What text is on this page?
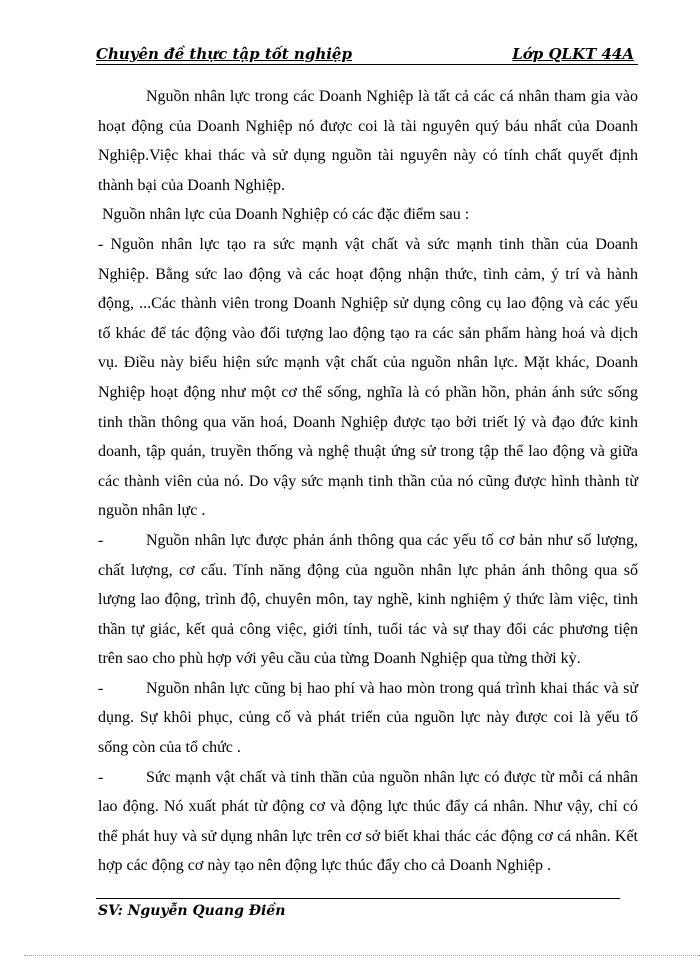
Chuyên đề thực tập tốt nghiệp	Lớp QLKT 44A

Nguồn nhân lực trong các Doanh Nghiệp là tất cả các cá nhân tham gia vào hoạt động của Doanh Nghiệp nó được coi là tài nguyên quý báu nhất của Doanh Nghiệp.Việc khai thác và sử dụng nguồn tài nguyên này có tính chất quyết định thành bại của Doanh Nghiệp.

Nguồn nhân lực của Doanh Nghiệp có các đặc điểm sau :

- Nguồn nhân lực tạo ra sức mạnh vật chất và sức mạnh tinh thần của Doanh Nghiệp. Bằng sức lao động và các hoạt động nhận thức, tình cảm, ý trí và hành động, ...Các thành viên trong Doanh Nghiệp sử dụng công cụ lao động và các yếu tố khác để tác động vào đối tượng lao động tạo ra các sản phẩm hàng hoá và dịch vụ. Điều này biểu hiện sức mạnh vật chất của nguồn nhân lực. Mặt khác, Doanh Nghiệp hoạt động như một cơ thể sống, nghĩa là có phần hồn, phản ánh sức sống tinh thần thông qua văn hoá, Doanh Nghiệp được tạo bởi triết lý và đạo đức kinh doanh, tập quán, truyền thống và nghệ thuật ứng sử trong tập thể lao động và giữa các thành viên của nó. Do vậy sức mạnh tinh thần của nó cũng được hình thành từ nguồn nhân lực .

-	Nguồn nhân lực được phản ánh thông qua các yếu tố cơ bản như số lượng, chất lượng, cơ cấu. Tính năng động của nguồn nhân lực phản ánh thông qua số lượng lao động, trình độ, chuyên môn, tay nghề, kinh nghiệm ý thức làm việc, tinh thần tự giác, kết quả công việc, giới tính, tuổi tác và sự thay đổi các phương tiện trên sao cho phù hợp với yêu cầu của từng Doanh Nghiệp qua từng thời kỳ.

-	Nguồn nhân lực cũng bị hao phí và hao mòn trong quá trình khai thác và sử dụng. Sự khôi phục, củng cố và phát triển của nguồn lực này được coi là yếu tố sống còn của tổ chức .

-	Sức mạnh vật chất và tinh thần của nguồn nhân lực có được từ mỗi cá nhân lao động. Nó xuất phát từ động cơ và động lực thúc đẩy cá nhân. Như vậy, chỉ có thể phát huy và sử dụng nhân lực trên cơ sở biết khai thác các động cơ cá nhân. Kết hợp các động cơ này tạo nên động lực thúc đẩy cho cả Doanh Nghiệp .

SV: Nguyễn Quang Điền
